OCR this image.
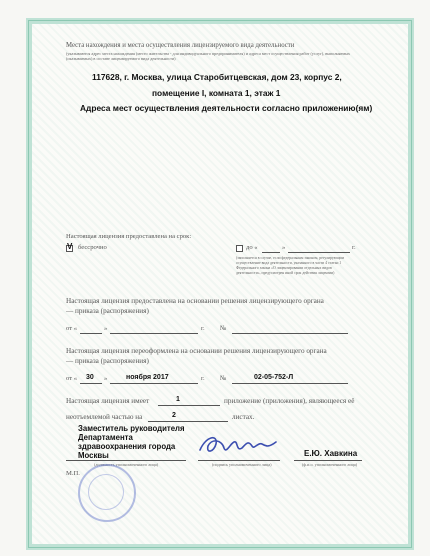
Места нахождения и места осуществления лицензируемого вида деятельности
(указываются адрес места нахождения (место жительства - для индивидуального предпринимателя) и адреса мест осуществления работ (услуг), выполняемых (оказываемых) в составе лицензируемого вида деятельности)
117628, г. Москва, улица Старобитцевская, дом 23, корпус 2,
помещение I, комната 1, этаж 1
Адреса мест осуществления деятельности согласно приложению(ям)
Настоящая лицензия предоставлена на срок:
V бессрочно	до «	»	г.
(заполняется в случае, если федеральным законом, регулирующим осуществление вида деятельности, указанного в части 4 статьи 1 Федерального закона «О лицензировании отдельных видов деятельности», предусмотрен иной срок действия лицензии)
Настоящая лицензия предоставлена на основании решения лицензирующего органа
— приказа (распоряжения)
от «	»	г. №
Настоящая лицензия переоформлена на основании решения лицензирующего органа
— приказа (распоряжения)
от « 30 »	ноября 2017	г. №	02-05-752-Л
Настоящая лицензия имеет	1	приложение (приложения), являющееся её
неотъемлемой частью на	2	листах.
Заместитель руководителя
Департамента
здравоохранения города
Москвы
(должность уполномоченного лица)	(подпись уполномоченного лица)
Е.Ю. Хавкина
(ф.и.о. уполномоченного лица)
М.П.
